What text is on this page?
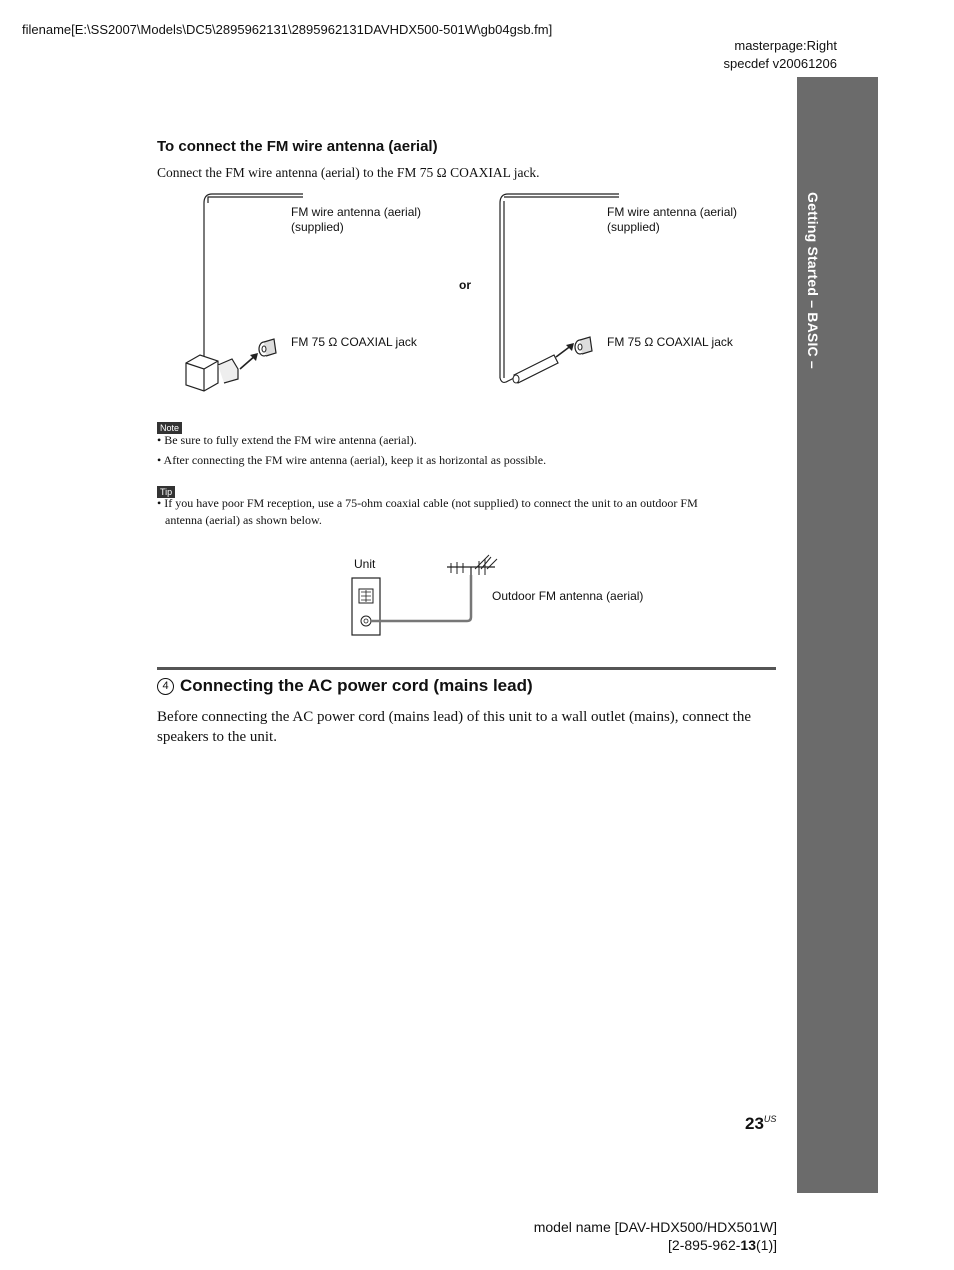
filename[E:\SS2007\Models\DC5\2895962131\2895962131DAVHDX500-501W\gb04gsb.fm]
masterpage:Right
specdef v20061206
Getting Started – BASIC –
To connect the FM wire antenna (aerial)
Connect the FM wire antenna (aerial) to the FM 75 Ω COAXIAL jack.
FM wire antenna (aerial)
(supplied)
FM 75 Ω COAXIAL jack
or
FM wire antenna (aerial)
(supplied)
FM 75 Ω COAXIAL jack
Note
• Be sure to fully extend the FM wire antenna (aerial).
• After connecting the FM wire antenna (aerial), keep it as horizontal as possible.
Tip
• If you have poor FM reception, use a 75-ohm coaxial cable (not supplied) to connect the unit to an outdoor FM
antenna (aerial) as shown below.
Unit
Outdoor FM antenna (aerial)
4 Connecting the AC power cord (mains lead)
Before connecting the AC power cord (mains lead) of this unit to a wall outlet (mains), connect the
speakers to the unit.
$23^{US}$
model name [DAV-HDX500/HDX501W]
[2-895-962-13(1)]
